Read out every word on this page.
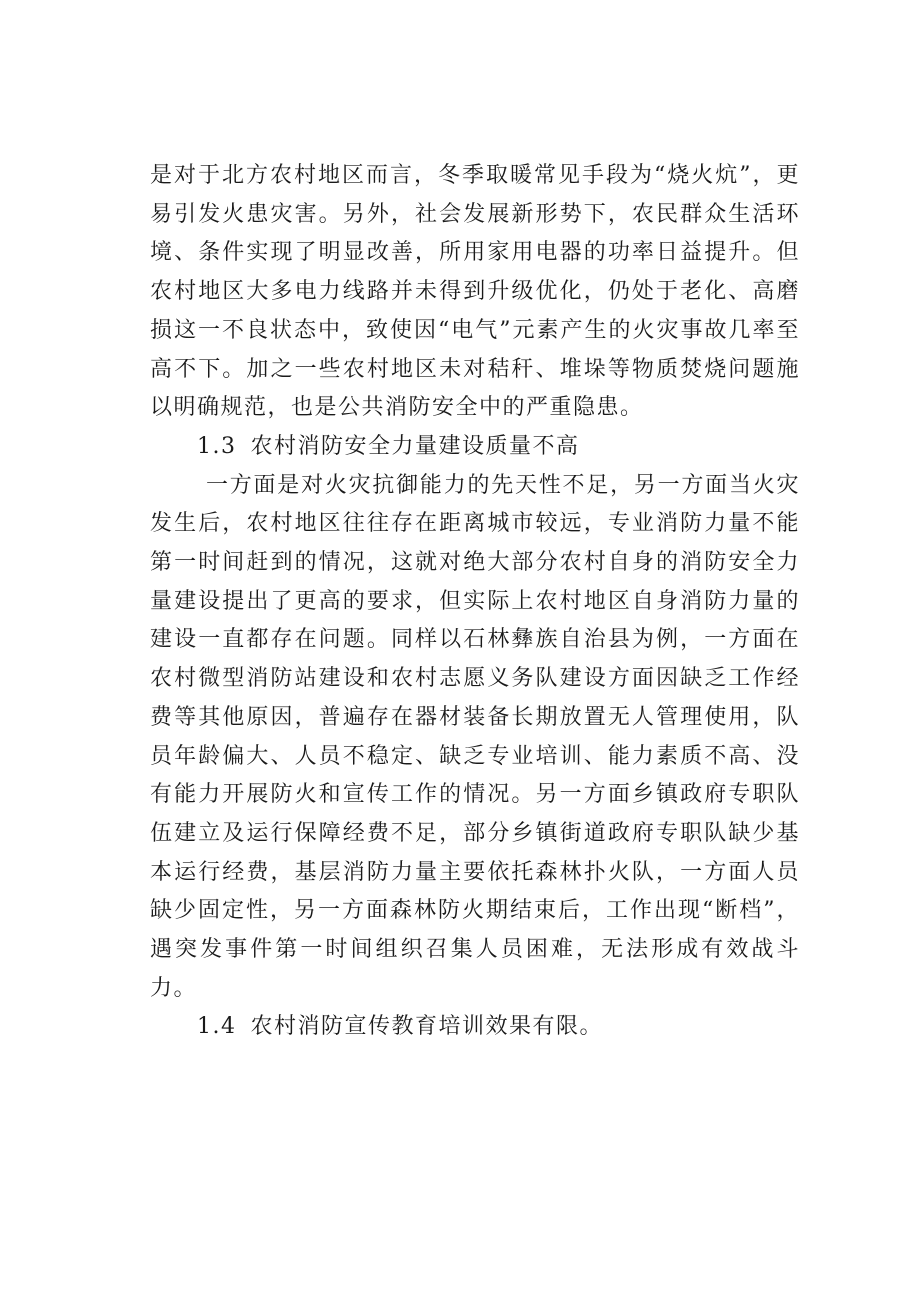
是对于北方农村地区而言，冬季取暖常见手段为“烧火炕”，更易引发火患灾害。另外，社会发展新形势下，农民群众生活环境、条件实现了明显改善，所用家用电器的功率日益提升。但农村地区大多电力线路并未得到升级优化，仍处于老化、高磨损这一不良状态中，致使因“电气”元素产生的火灾事故几率至高不下。加之一些农村地区未对秸秆、堆垛等物质焚烧问题施以明确规范，也是公共消防安全中的严重隐患。

1.3 农村消防安全力量建设质量不高

一方面是对火灾抗御能力的先天性不足，另一方面当火灾发生后，农村地区往往存在距离城市较远，专业消防力量不能第一时间赶到的情况，这就对绝大部分农村自身的消防安全力量建设提出了更高的要求，但实际上农村地区自身消防力量的建设一直都存在问题。同样以石林彝族自治县为例，一方面在农村微型消防站建设和农村志愿义务队建设方面因缺乏工作经费等其他原因，普遍存在器材装备长期放置无人管理使用，队员年龄偏大、人员不稳定、缺乏专业培训、能力素质不高、没有能力开展防火和宣传工作的情况。另一方面乡镇政府专职队伍建立及运行保障经费不足，部分乡镇街道政府专职队缺少基本运行经费，基层消防力量主要依托森林扑火队，一方面人员缺少固定性，另一方面森林防火期结束后，工作出现“断档”，遇突发事件第一时间组织召集人员困难，无法形成有效战斗力。

1.4 农村消防宣传教育培训效果有限。
